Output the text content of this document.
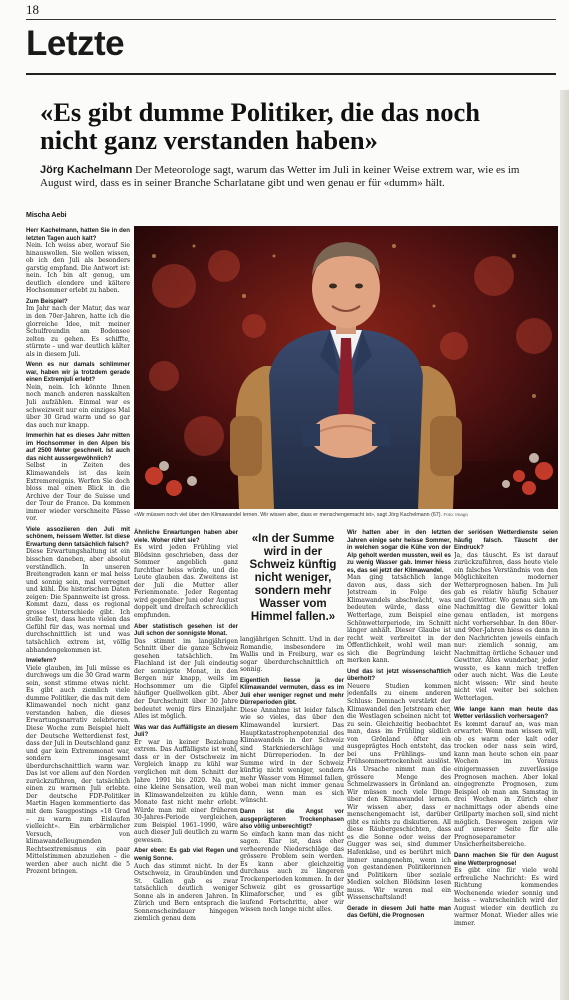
18
Letzte
«Es gibt dumme Politiker, die das noch nicht ganz verstanden haben»
Jörg Kachelmann Der Meteorologe sagt, warum das Wetter im Juli in keiner Weise extrem war, wie es im August wird, dass es in seiner Branche Scharlatane gibt und wen genau er für «dumm» hält.
Mischa Aebi
«Wir müssen noch viel über den Klimawandel lernen. Wir wissen aber, dass er menschengemacht ist», sagt Jörg Kachelmann (67). Foto: Imago
«In der Summe wird in der Schweiz künftig nicht weniger, sondern mehr Wasser vom Himmel fallen.»

Herr Kachelmann, hatten Sie in den letzten Tagen auch kalt?

Nein. Ich weiss aber, worauf Sie hinauswollen. Sie wollen wissen, ob ich den Juli als besonders garstig empfand. Die Antwort ist: nein. Ich bin alt genug, um deutlich elendere und kältere Hochsommer erlebt zu haben.

Zum Beispiel?

Im Jahr nach der Matur, das war in den 70er-Jahren, hatte ich die glorreiche Idee, mit meiner Schulfreundin am Bodensee zelten zu gehen. Es schiffte, stürmte – und war deutlich kälter als in diesem Juli.

Wenn es nur damals schlimmer war, haben wir ja trotzdem gerade einen Extremjuli erlebt?

Nein, nein. Ich könnte Ihnen noch manch anderen nasskalten Juli aufzählen. Einmal war es schweizweit nur ein einziges Mal über 30 Grad warm und so gar das auch nur knapp.

Immerhin hat es dieses Jahr mitten im Hochsommer in den Alpen bis auf 2500 Meter geschneit. Ist auch das nicht aussergewöhnlich?

Selbst in Zeiten des Klimawandels ist das kein Extremereignis. Werfen Sie doch bloss mal einen Blick in die Archive der Tour de Suisse und der Tour de France. Da kommen immer wieder verschneite Pässe vor.

Viele assoziieren den Juli mit schönem, heissem Wetter. Ist diese Erwartung denn tatsächlich falsch?

Diese Erwartungshaltung ist ein bisschen daneben, aber absolut verständlich. In unseren Breitengraden kann er mal heiss und sonnig sein, mal verregnet und kühl. Die historischen Daten zeigen: Die Spannweite ist gross. Kommt dazu, dass es regional grosse Unterschiede gibt. Ich stelle fest, dass heute vielen das Gefühl für das, was normal und durchschnittlich ist und was tatsächlich extrem ist, völlig abhandengekommen ist.

Inwiefern?

Viele glauben, im Juli müsse es durchwegs um die 30 Grad warm sein, sonst stimme etwas nicht. Es gibt auch ziemlich viele dumme Politiker, die das mit dem Klimawandel noch nicht ganz verstanden haben, die dieses Erwartungsnarrativ zelebrieren. Diese Woche zum Beispiel hielt der Deutsche Wetterdienst fest, dass der Juli in Deutschland ganz und gar kein Extremmonat war, sondern insgesamt überdurchschnittlich warm war. Das ist vor allem auf den Norden zurückzuführen, der tatsächlich einen zu warmen Juli erlebte. Der deutsche FDP-Politiker Martin Hagen kommentierte das mit dem Saugpostings «18 Grad – zu warm zum Eislaufen vielleicht». Ein erbärmlicher Versuch, von klimawandelleugnenden Rechtsextremismus ein paar Mittelstimmen abzuziehen – die werden aber auch nicht die 5 Prozent bringen.

Ähnliche Erwartungen haben aber viele. Woher rührt sie?

Es wird jeden Frühling viel Blödsinn geschrieben, dass der Sommer angeblich ganz furchtbar heiss würde, und die Leute glauben das. Zweitens ist der Juli die Mutter aller Ferienmonate. Jeder Regentag wird gegenüber Juni oder August doppelt und dreifach schrecklich empfunden.

Aber statistisch gesehen ist der Juli schon der sonnigste Monat.

Das stimmt im langjährigen Schnitt über die ganze Schweiz gesehen tatsächlich. Im Flachland ist der Juli eindeutig der sonnigste Monat, in den Bergen nur knapp, weils im Hochsommer um die Gipfel häufiger Quellwolken gibt. Aber der Durchschnitt über 30 Jahre bedeutet wenig fürs Einzeljahr. Alles ist möglich.

Was war das Auffälligste an diesem Juli?

Er war in keiner Beziehung extrem. Das Auffälligste ist wohl, dass er in der Ostschweiz im Vergleich knapp zu kühl war verglichen mit dem Schnitt der Jahre 1991 bis 2020. Na gut, eine kleine Sensation, weil man in Klimawandelzeiten zu kühle Monate fast nicht mehr erlebt. Würde man mit einer früheren 30-Jahres-Periode vergleichen, zum Beispiel 1961–1990, wäre auch dieser Juli deutlich zu warm gewesen.

Aber eben: Es gab viel Regen und wenig Sonne.

Auch das stimmt nicht. In der Ostschweiz, in Graubünden und St. Gallen gab es zwar tatsächlich deutlich weniger Sonne als in anderen Jahren. In Zürich und Bern entsprach die Sonnenscheindauer hingegen ziemlich genau dem

langjährigen Schnitt. Und in der Romandie, insbesondere im Wallis und in Freiburg, war es sogar überdurchschnittlich oft sonnig.

Eigentlich liesse ja der Klimawandel vermuten, dass es im Juli eher weniger regnet und mehr Dürreperioden gibt.

Diese Annahme ist leider falsch wie so vieles, das über den Klimawandel kursiert. Das Hauptkatastrophenpotenzial des Klimawandels in der Schweiz sind Starkniederschläge und nicht Dürreperioden. In der Summe wird in der Schweiz künftig nicht weniger, sondern mehr Wasser vom Himmel fallen, wobei man nicht immer genau dann, wenn man es sich wünscht.

Dann ist die Angst vor ausgeprägteren Trockenphasen also völlig unberechtigt?

So einfach kann man das nicht sagen. Klar ist, dass eher verheerende Niederschläge das grössere Problem sein werden. Es kann aber gleichzeitig durchaus auch zu längeren Trockenperioden kommen. In der Schweiz gibt es grossartige Klimaforscher, und es gibt laufend Fortschritte, aber wir wissen noch lange nicht alles.

Wir hatten aber in den letzten Jahren einige sehr heisse Sommer, in welchen sogar die Kühe von der Alp geholt werden mussten, weil es zu wenig Wasser gab. Immer hiess es, das sei jetzt der Klimawandel.

Man ging tatsächlich lange davon aus, dass sich der Jetstream in Folge des Klimawandels abschwächt, was bedeuten würde, dass eine Wetterlage, zum Beispiel eine Schönwetterperiode, im Schnitt länger anhält. Dieser Glaube ist recht weit verbreitet in der Öffentlichkeit, wohl weil man sich die Begründung leicht merken kann.

Und das ist jetzt wissenschaftlich überholt?

Neuere Studien kommen jedenfalls zu einem anderen Schluss: Demnach verstärkt der Klimawandel den Jetstream eher, die Westlagen scheinen nicht tot zu sein. Gleichzeitig beobachtet man, dass im Frühling südlich von Grönland öfter ein ausgeprägtes Hoch entsteht, das bei uns Frühlings- und Frühsommertrockenheit auslöst. Als Ursache nimmt man die grössere Menge des Schmelzwassers in Grönland an. Wir müssen noch viele Dinge über den Klimawandel lernen. Wir wissen aber, dass er menschengemacht ist, darüber gibt es nichts zu diskutieren. All diese Räubergeschichten, dass es die Sonne oder weiss der Gugger was sei, sind dummer Hafenkäse, und es berührt mich immer unangenehm, wenn ich von gestandenen Politikerinnen und Politikern über soziale Medien solchen Blödsinn lesen muss. Wir waren mal ein Wissenschaftsland!

Gerade in diesem Juli hatte man das Gefühl, die Prognosen

der seriösen Wetterdienste seien häufig falsch. Täuscht der Eindruck?

Ja, das täuscht. Es ist darauf zurückzuführen, dass heute viele ein falsches Verständnis von den Möglichkeiten moderner Wetterprognosen haben. Im Juli gab es relativ häufig Schauer und Gewitter. Wo genau sich am Nachmittag die Gewitter lokal genau entladen, ist morgens nicht vorhersehbar. In den 80er- und 90er-Jahren hiess es dann in den Nachrichten jeweils einfach nur: ziemlich sonnig, am Nachmittag örtliche Schauer und Gewitter. Alles wunderbar, jeder wusste, es kann mich treffen oder auch nicht. Was die Leute nicht wissen: Wir sind heute nicht viel weiter bei solchen Wetterlagen.

Wie lange kann man heute das Wetter verlässlich vorhersagen?

Es kommt darauf an, was man erwartet: Wenn man wissen will, ob es warm oder kalt oder trocken oder nass sein wird, kann man heute schon ein paar Wochen im Voraus einigermassen zuverlässige Prognosen machen. Aber lokal eingegrenzte Prognosen, zum Beispiel ob man am Samstag in drei Wochen in Zürich eher nachmittags oder abends eine Grillparty machen soll, sind nicht möglich. Deswegen zeigen wir auf unserer Seite für alle Prognoseparameter Unsicherheitsbereiche.

Dann machen Sie für den August eine Wetterprognose!

Es gibt eine für viele wohl erfreuliche Nachricht: Es wird Richtung kommendes Wochenende wieder sonnig und heiss – wahrscheinlich wird der August wieder ein deutlich zu warmer Monat. Wieder alles wie immer.
